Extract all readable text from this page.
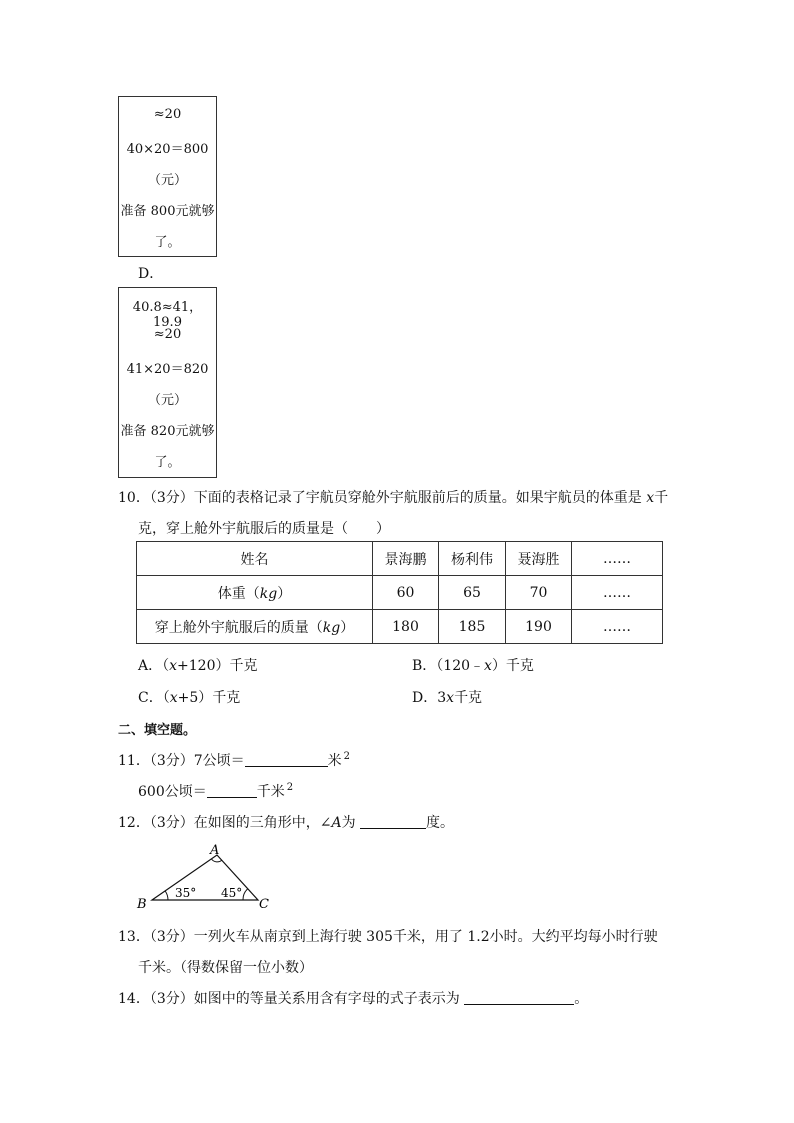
≈20
40×20＝800
（元）
准备 800元就够
了。
D．
40.8≈41，19.9
≈20
41×20＝820
（元）
准备 820元就够
了。
10．（3分）下面的表格记录了宇航员穿舱外宇航服前后的质量。如果宇航员的体重是 x千
克，穿上舱外宇航服后的质量是（　　）
姓名	景海鹏	杨利伟	聂海胜	……
体重（kg）	60	65	70	……
穿上舱外宇航服后的质量（kg）	180	185	190	……
A．（x+120）千克	B．（120﹣x）千克
C．（x+5）千克	D．3x千克
二、填空题。
11．（3分）7公顷＝	米 $^2$
600公顷＝	千米 $^2$
12．（3分）在如图的三角形中，∠A为	度。
A
B	C
35° 45°
13．（3分）一列火车从南京到上海行驶 305千米，用了 1.2小时。大约平均每小时行驶
千米。（得数保留一位小数）
14．（3分）如图中的等量关系用含有字母的式子表示为	。
